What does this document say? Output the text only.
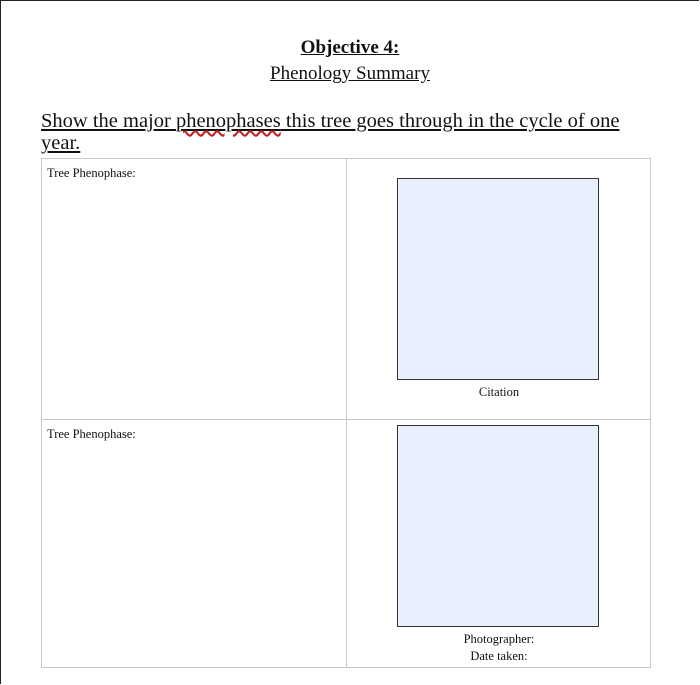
Objective 4:
Phenology Summary
Show the major phenophases this tree goes through in the cycle of one year.
Tree Phenophase:
Citation
Tree Phenophase:
Photographer:
Date taken:
